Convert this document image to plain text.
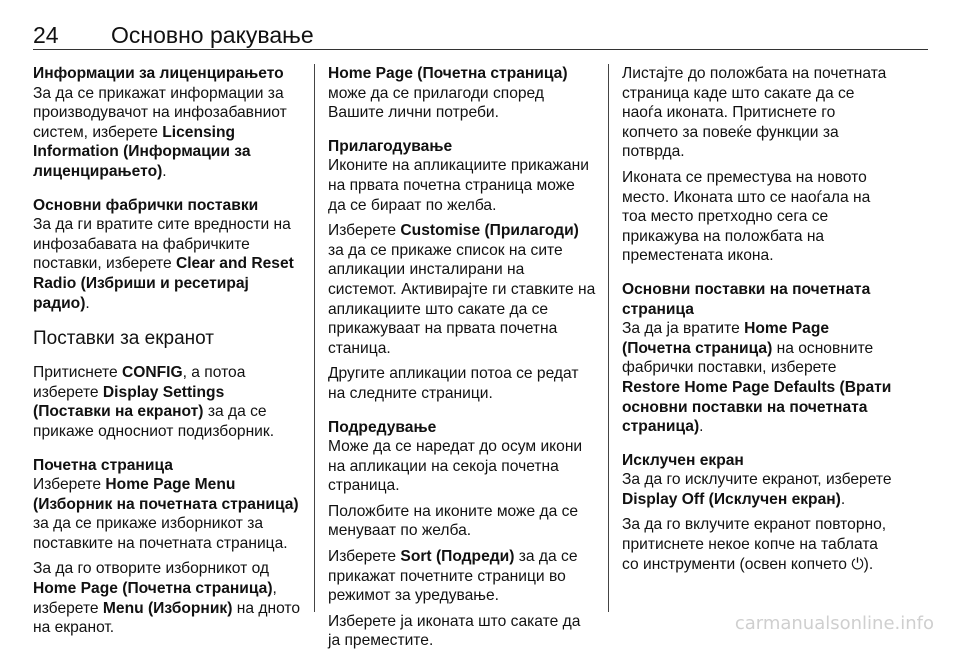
24 Основно ракување
Информации за лиценцирањето
За да се прикажат информации за производувачот на инфозабавниот систем, изберете Licensing Information (Информации за лиценцирањето).
Основни фабрички поставки
За да ги вратите сите вредности на инфозабавата на фабричките поставки, изберете Clear and Reset Radio (Избриши и ресетирај радио).
Поставки за екранот
Притиснете CONFIG, а потоа изберете Display Settings (Поставки на екранот) за да се прикаже односниот подизборник.
Почетна страница

Изберете Home Page Menu (Изборник на почетната страница) за да се прикаже изборникот за поставките на почетната страница.

За да го отворите изборникот од Home Page (Почетна страница), изберете Menu (Изборник) на дното на екранот.

Home Page (Почетна страница) може да се прилагоди според Вашите лични потреби.
Прилагодување

Иконите на апликациите прикажани на првата почетна страница може да се бираат по желба.

Изберете Customise (Прилагоди) за да се прикаже список на сите апликации инсталирани на системот. Активирајте ги ставките на апликациите што сакате да се прикажуваат на првата почетна станица.

Другите апликации потоа се редат на следните страници.

Подредување

Може да се наредат до осум икони на апликации на секоја почетна страница.

Положбите на иконите може да се менуваат по желба.

Изберете Sort (Подреди) за да се прикажат почетните страници во режимот за уредување.

Изберете ја иконата што сакате да ја преместите.

Листајте до положбата на почетната страница каде што сакате да се наоѓа иконата. Притиснете го копчето за повеќе функции за потврда.

Иконата се преместува на новото место. Иконата што се наоѓала на тоа место претходно сега се прикажува на положбата на преместената икона.

Основни поставки на почетната страница
За да ја вратите Home Page (Почетна страница) на основните фабрички поставки, изберете Restore Home Page Defaults (Врати основни поставки на почетната страница).
Исклучен екран

За да го исклучите екранот, изберете Display Off (Исклучен екран).

За да го вклучите екранот повторно, притиснете некое копче на таблата со инструменти (освен копчето ⏻).

carmanualsonline.info
